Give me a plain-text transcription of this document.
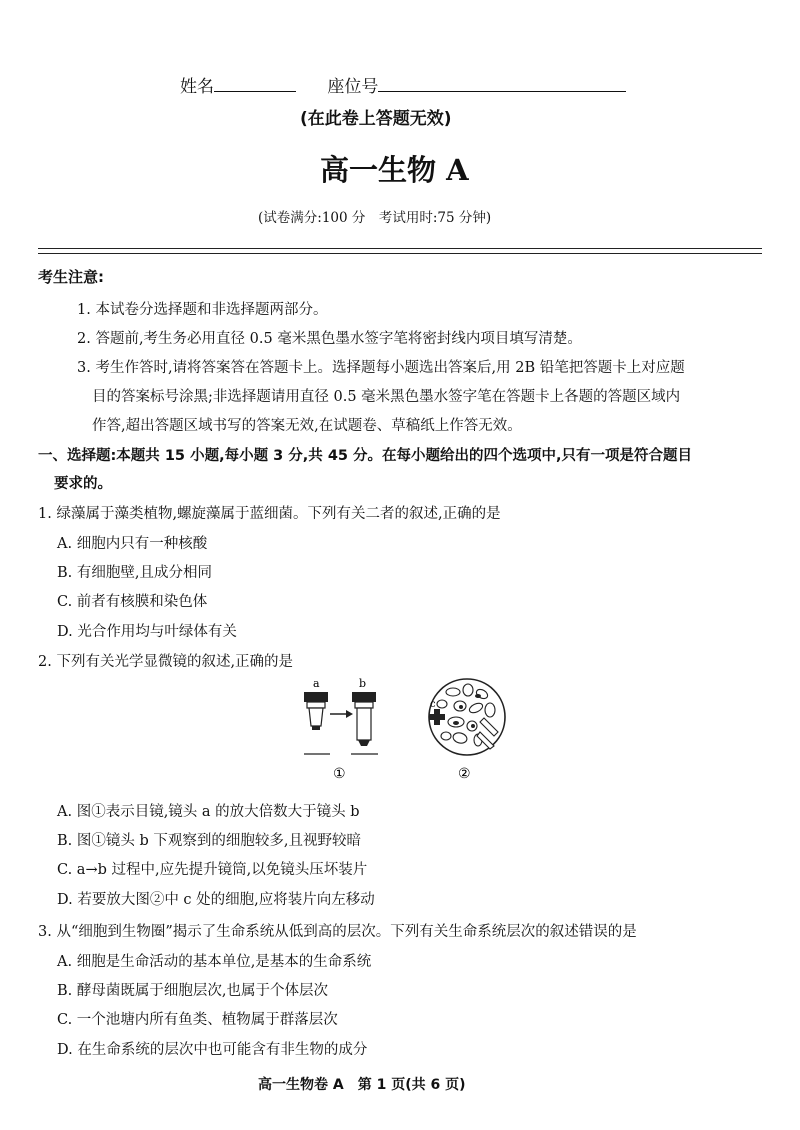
姓名	座位号
(在此卷上答题无效)
高一生物 A
(试卷满分:100 分　考试用时:75 分钟)
考生注意:
1. 本试卷分选择题和非选择题两部分。
2. 答题前,考生务必用直径 0.5 毫米黑色墨水签字笔将密封线内项目填写清楚。
3. 考生作答时,请将答案答在答题卡上。选择题每小题选出答案后,用 2B 铅笔把答题卡上对应题
目的答案标号涂黑;非选择题请用直径 0.5 毫米黑色墨水签字笔在答题卡上各题的答题区域内
作答,超出答题区域书写的答案无效,在试题卷、草稿纸上作答无效。
一、选择题:本题共 15 小题,每小题 3 分,共 45 分。在每小题给出的四个选项中,只有一项是符合题目
要求的。
1. 绿藻属于藻类植物,螺旋藻属于蓝细菌。下列有关二者的叙述,正确的是
A. 细胞内只有一种核酸
B. 有细胞壁,且成分相同
C. 前者有核膜和染色体
D. 光合作用均与叶绿体有关
2. 下列有关光学显微镜的叙述,正确的是
a	b
①
c
②
A. 图①表示目镜,镜头 a 的放大倍数大于镜头 b
B. 图①镜头 b 下观察到的细胞较多,且视野较暗
C. a→b 过程中,应先提升镜筒,以免镜头压坏装片
D. 若要放大图②中 c 处的细胞,应将装片向左移动
3. 从“细胞到生物圈”揭示了生命系统从低到高的层次。下列有关生命系统层次的叙述错误的是
A. 细胞是生命活动的基本单位,是基本的生命系统
B. 酵母菌既属于细胞层次,也属于个体层次
C. 一个池塘内所有鱼类、植物属于群落层次
D. 在生命系统的层次中也可能含有非生物的成分
高一生物卷 A　第 1 页(共 6 页)
